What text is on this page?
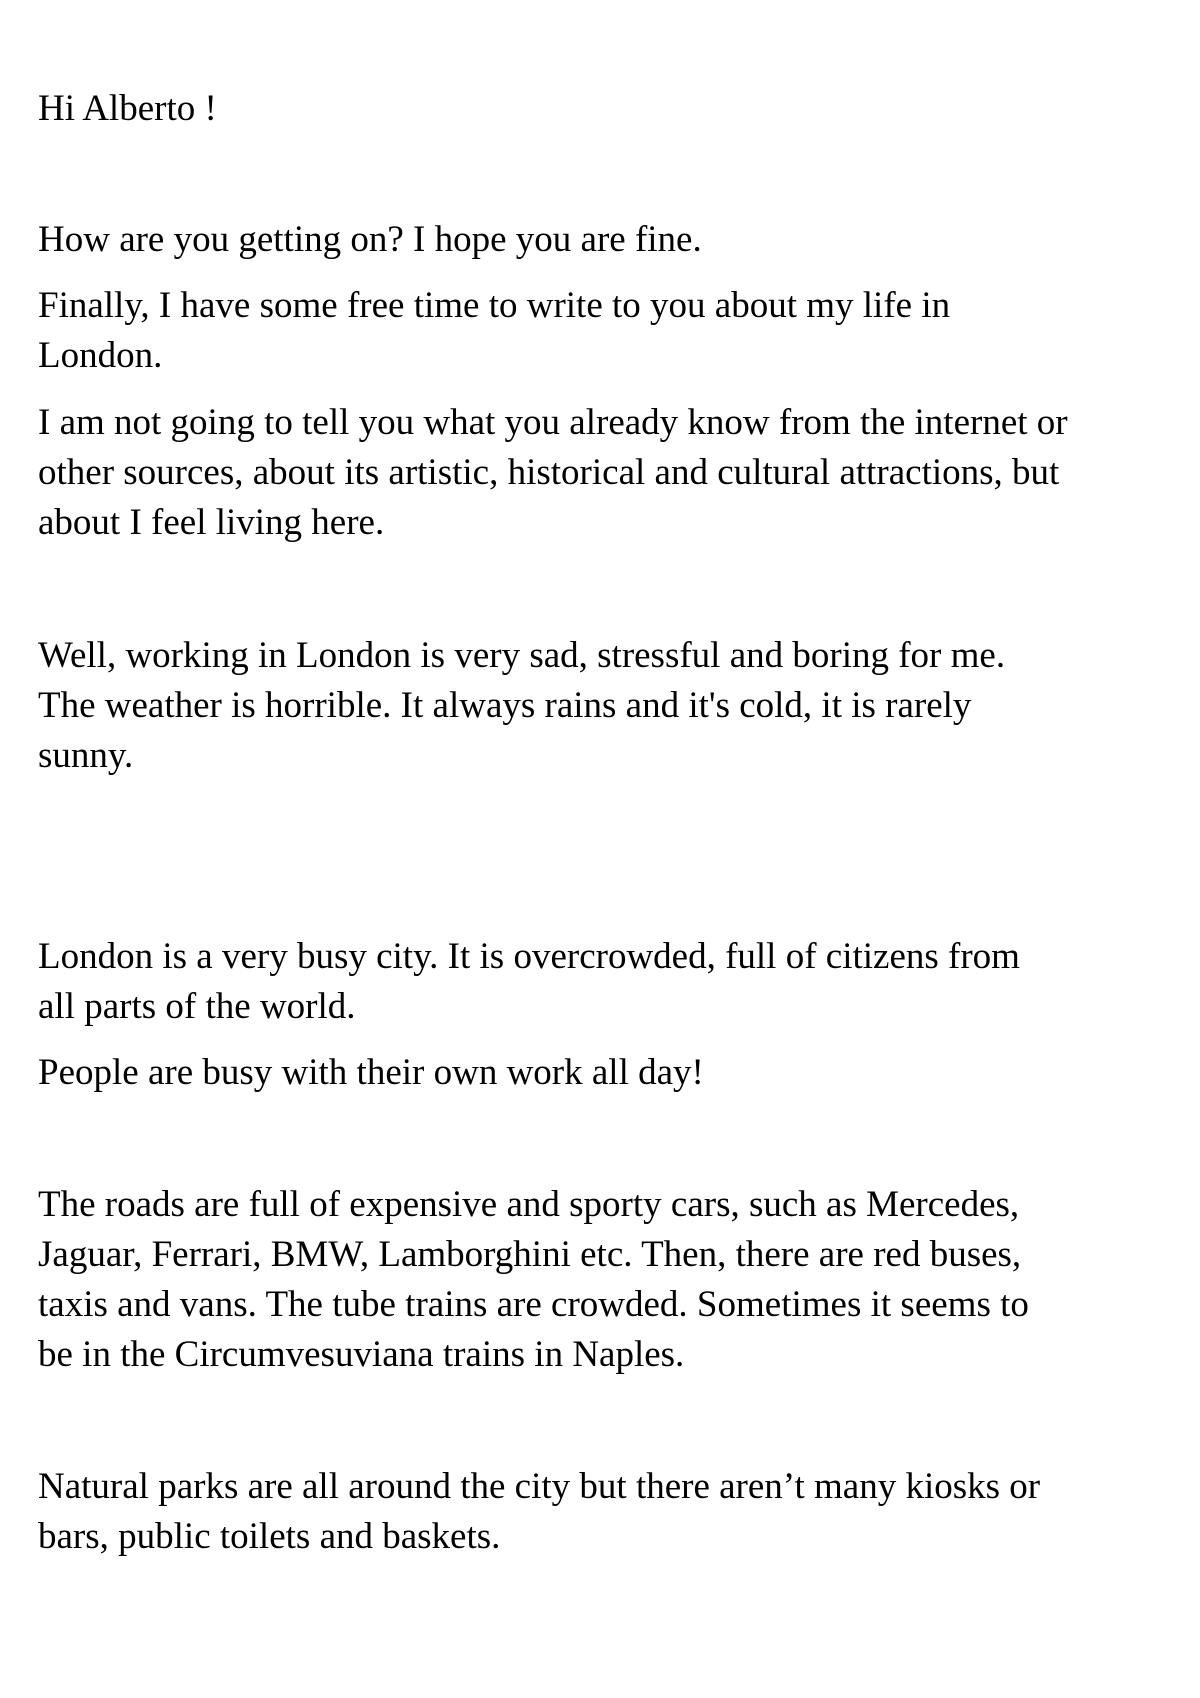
Hi Alberto !

How are you getting on? I hope you are fine.

Finally, I have some free time to write to you about my life in
London.

I am not going to tell you what you already know from the internet or
other sources, about its artistic, historical and cultural attractions, but
about I feel living here.

Well, working in London is very sad, stressful and boring for me.
The weather is horrible. It always rains and it's cold, it is rarely
sunny.

London is a very busy city. It is overcrowded, full of citizens from
all parts of the world.

People are busy with their own work all day!

The roads are full of expensive and sporty cars, such as Mercedes,
Jaguar, Ferrari, BMW, Lamborghini etc. Then, there are red buses,
taxis and vans. The tube trains are crowded. Sometimes it seems to
be in the Circumvesuviana trains in Naples.

Natural parks are all around the city but there aren’t many kiosks or
bars, public toilets and baskets.
